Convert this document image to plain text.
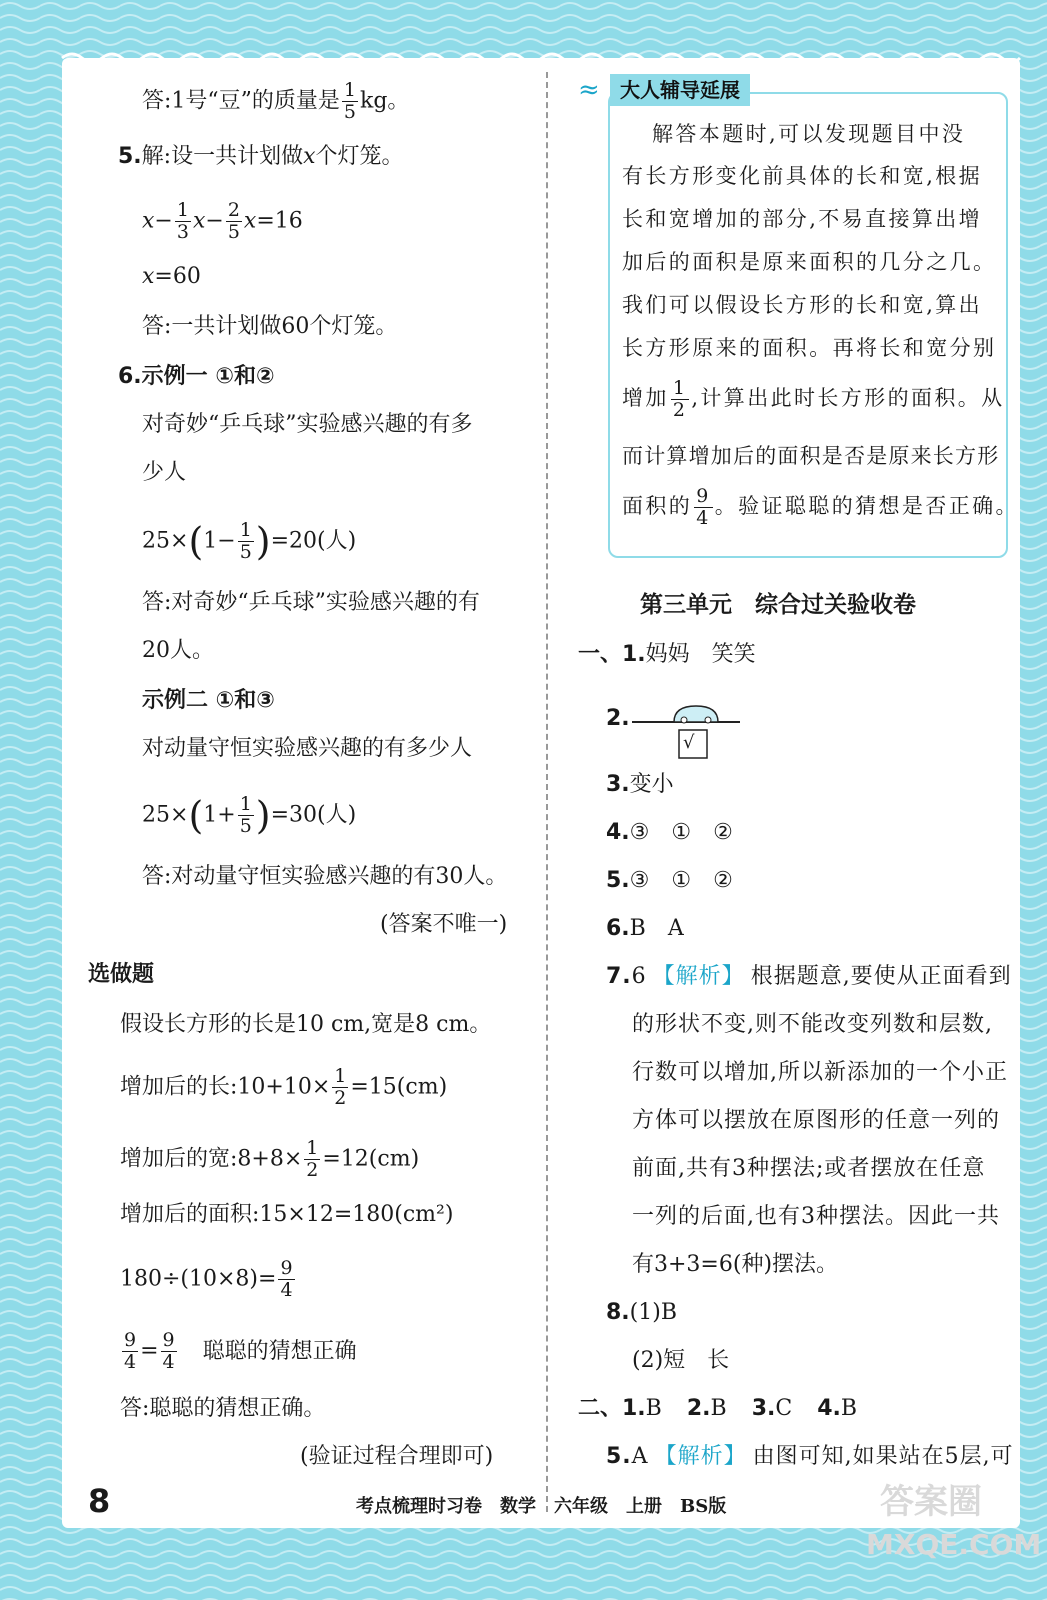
答:1号“豆”的质量是 $\frac{1}{5}$ kg。
5.解:设一共计划做x个灯笼。
$x- \frac{1}{3} x- \frac{2}{5} x=16$
x=60
答:一共计划做60个灯笼。
6.示例一 ①和②
对奇妙“乒乓球”实验感兴趣的有多
少人
$25\times(1- \frac{1}{5} )=20$(人)
答:对奇妙“乒乓球”实验感兴趣的有
20人。
示例二 ①和③
对动量守恒实验感兴趣的有多少人
$25\times(1+ \frac{1}{5} )=30$(人)
答:对动量守恒实验感兴趣的有30人。
(答案不唯一)
选做题
假设长方形的长是10 cm,宽是8 cm。
增加后的长:10+10× $\frac{1}{2} =15(cm)$
增加后的宽:8+8× $\frac{1}{2} =12(cm)$
增加后的面积:15×12=180(cm²)
$180\div(10\times 8)= \frac{9}{4}$
$\frac{9}{4} = \frac{9}{4}$ 聪聪的猜想正确
答:聪聪的猜想正确。
(验证过程合理即可)
≈	大人辅导延展
解答本题时,可以发现题目中没
有长方形变化前具体的长和宽,根据
长和宽增加的部分,不易直接算出增
加后的面积是原来面积的几分之几。
我们可以假设长方形的长和宽,算出
长方形原来的面积。再将长和宽分别
增加 $\frac{1}{2}$ ,计算出此时长方形的面积。从
而计算增加后的面积是否是原来长方形
面积的 $\frac{9}{4}$ 。验证聪聪的猜想是否正确。
第三单元　综合过关验收卷
一、1.妈妈　笑笑
2.
√
3.变小
4.③　①　②
5.③　①　②
6.B　A
7.6 【解析】 根据题意,要使从正面看到
的形状不变,则不能改变列数和层数,
行数可以增加,所以新添加的一个小正
方体可以摆放在原图形的任意一列的
前面,共有3种摆法;或者摆放在任意
一列的后面,也有3种摆法。因此一共
有3+3=6(种)摆法。
8.(1)B
(2)短　长
二、1.B 2.B 3.C 4.B
5.A 【解析】 由图可知,如果站在5层,可
8	考点梳理时习卷　数学　六年级　上册　BS版	答案圈
MXQE.COM
